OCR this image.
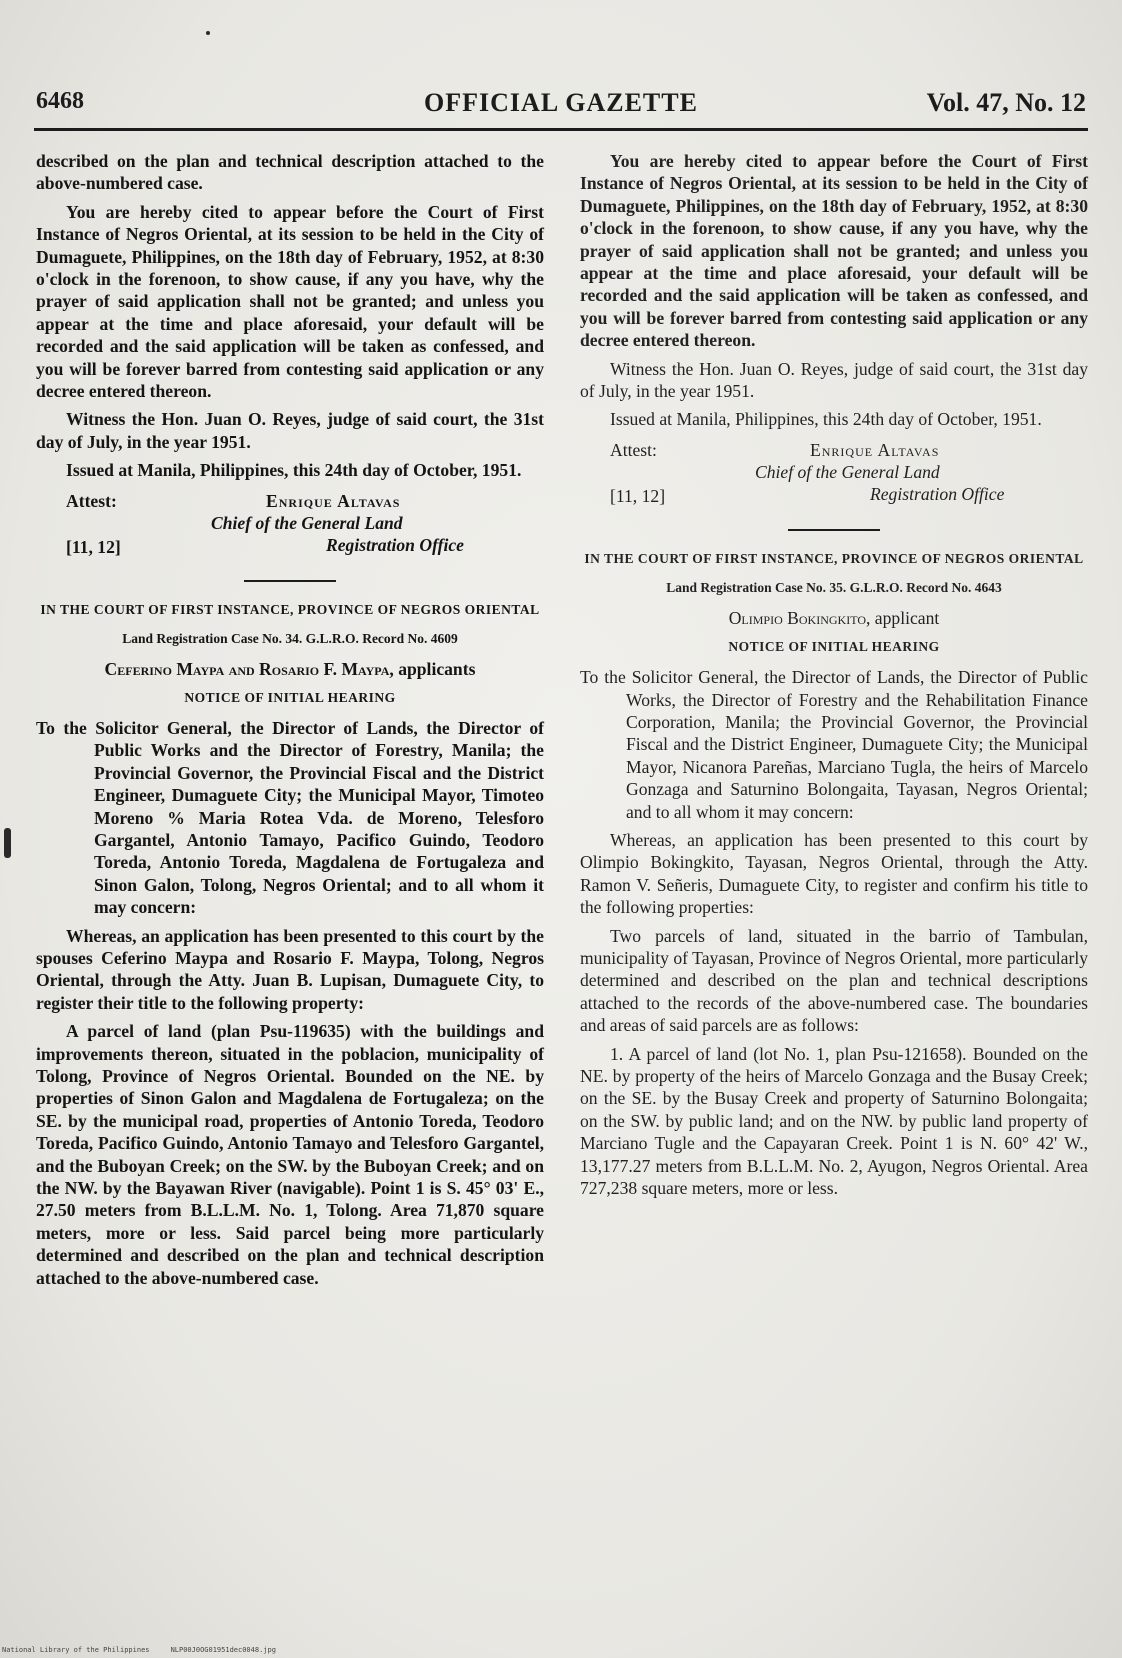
6468	OFFICIAL GAZETTE	Vol. 47, No. 12

described on the plan and technical description attached to the above-numbered case.

You are hereby cited to appear before the Court of First Instance of Negros Oriental, at its session to be held in the City of Dumaguete, Philippines, on the 18th day of February, 1952, at 8:30 o'clock in the forenoon, to show cause, if any you have, why the prayer of said application shall not be granted; and unless you appear at the time and place aforesaid, your default will be recorded and the said application will be taken as confessed, and you will be forever barred from contesting said application or any decree entered thereon.

Witness the Hon. Juan O. Reyes, judge of said court, the 31st day of July, in the year 1951.

Issued at Manila, Philippines, this 24th day of October, 1951.

Attest:	Enrique Altavas
Chief of the General Land
[11, 12]	Registration Office
IN THE COURT OF FIRST INSTANCE, PROVINCE OF NEGROS ORIENTAL
Land Registration Case No. 34. G.L.R.O. Record No. 4609
Ceferino Maypa and Rosario F. Maypa, applicants
NOTICE OF INITIAL HEARING

To the Solicitor General, the Director of Lands, the Director of Public Works and the Director of Forestry, Manila; the Provincial Governor, the Provincial Fiscal and the District Engineer, Dumaguete City; the Municipal Mayor, Timoteo Moreno % Maria Rotea Vda. de Moreno, Telesforo Gargantel, Antonio Tamayo, Pacifico Guindo, Teodoro Toreda, Antonio Toreda, Magdalena de Fortugaleza and Sinon Galon, Tolong, Negros Oriental; and to all whom it may concern:

Whereas, an application has been presented to this court by the spouses Ceferino Maypa and Rosario F. Maypa, Tolong, Negros Oriental, through the Atty. Juan B. Lupisan, Dumaguete City, to register their title to the following property:

A parcel of land (plan Psu-119635) with the buildings and improvements thereon, situated in the poblacion, municipality of Tolong, Province of Negros Oriental. Bounded on the NE. by properties of Sinon Galon and Magdalena de Fortugaleza; on the SE. by the municipal road, properties of Antonio Toreda, Teodoro Toreda, Pacifico Guindo, Antonio Tamayo and Telesforo Gargantel, and the Buboyan Creek; on the SW. by the Buboyan Creek; and on the NW. by the Bayawan River (navigable). Point 1 is S. 45° 03' E., 27.50 meters from B.L.L.M. No. 1, Tolong. Area 71,870 square meters, more or less. Said parcel being more particularly determined and described on the plan and technical description attached to the above-numbered case.

You are hereby cited to appear before the Court of First Instance of Negros Oriental, at its session to be held in the City of Dumaguete, Philippines, on the 18th day of February, 1952, at 8:30 o'clock in the forenoon, to show cause, if any you have, why the prayer of said application shall not be granted; and unless you appear at the time and place aforesaid, your default will be recorded and the said application will be taken as confessed, and you will be forever barred from contesting said application or any decree entered thereon.

Witness the Hon. Juan O. Reyes, judge of said court, the 31st day of July, in the year 1951.

Issued at Manila, Philippines, this 24th day of October, 1951.

Attest:	Enrique Altavas
Chief of the General Land
[11, 12]	Registration Office
IN THE COURT OF FIRST INSTANCE, PROVINCE OF NEGROS ORIENTAL
Land Registration Case No. 35. G.L.R.O. Record No. 4643
Olimpio Bokingkito, applicant
NOTICE OF INITIAL HEARING

To the Solicitor General, the Director of Lands, the Director of Public Works, the Director of Forestry and the Rehabilitation Finance Corporation, Manila; the Provincial Governor, the Provincial Fiscal and the District Engineer, Dumaguete City; the Municipal Mayor, Nicanora Pareñas, Marciano Tugla, the heirs of Marcelo Gonzaga and Saturnino Bolongaita, Tayasan, Negros Oriental; and to all whom it may concern:

Whereas, an application has been presented to this court by Olimpio Bokingkito, Tayasan, Negros Oriental, through the Atty. Ramon V. Señeris, Dumaguete City, to register and confirm his title to the following properties:

Two parcels of land, situated in the barrio of Tambulan, municipality of Tayasan, Province of Negros Oriental, more particularly determined and described on the plan and technical descriptions attached to the records of the above-numbered case. The boundaries and areas of said parcels are as follows:

1. A parcel of land (lot No. 1, plan Psu-121658). Bounded on the NE. by property of the heirs of Marcelo Gonzaga and the Busay Creek; on the SE. by the Busay Creek and property of Saturnino Bolongaita; on the SW. by public land; and on the NW. by public land property of Marciano Tugle and the Capayaran Creek. Point 1 is N. 60° 42' W., 13,177.27 meters from B.L.L.M. No. 2, Ayugon, Negros Oriental. Area 727,238 square meters, more or less.

National Library of the Philippines     NLP00J0OG01951dec0048.jpg
